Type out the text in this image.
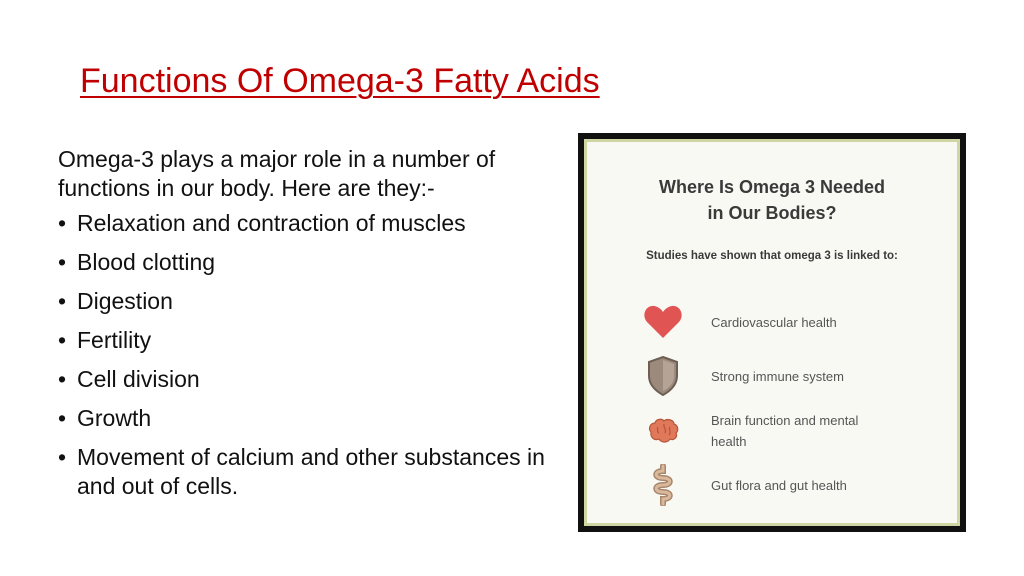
Functions Of Omega-3 Fatty Acids

Omega-3 plays a major role in a number of functions in our body. Here are they:-

• Relaxation and contraction of muscles
• Blood clotting
• Digestion
• Fertility
• Cell division
• Growth
• Movement of calcium and other substances in and out of cells.
Where Is Omega 3 Needed
in Our Bodies?
Studies have shown that omega 3 is linked to:
Cardiovascular health
Strong immune system
Brain function and mental health
Gut flora and gut health
